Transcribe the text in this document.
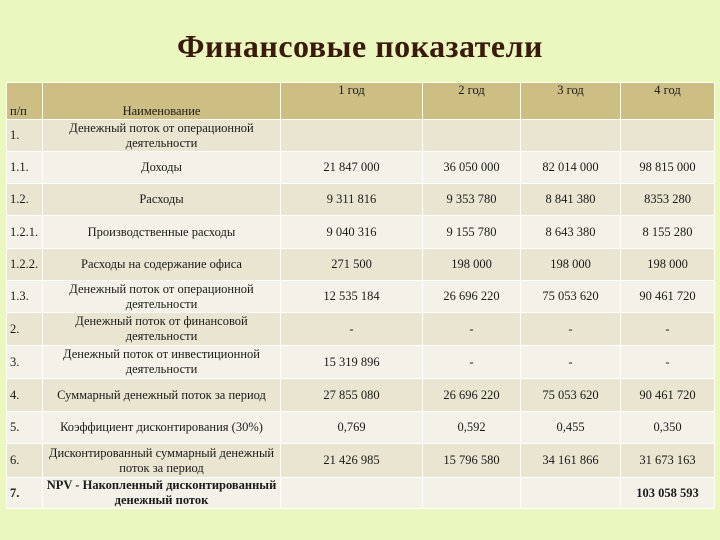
Финансовые показатели
п/п	Наименование	1 год	2 год	3 год	4 год
1.	Денежный поток от операционной деятельности				
1.1.	Доходы	21 847 000	36 050 000	82 014 000	98 815 000
1.2.	Расходы	9 311 816	9 353 780	8 841 380	8353 280
1.2.1.	Производственные расходы	9 040 316	9 155 780	8 643 380	8 155 280
1.2.2.	Расходы на содержание офиса	271 500	198 000	198 000	198 000
1.3.	Денежный поток от операционной деятельности	12 535 184	26 696 220	75 053 620	90 461 720
2.	Денежный поток от финансовой деятельности	-	-	-	-
3.	Денежный поток от инвестиционной деятельности	15 319 896	-	-	-
4.	Суммарный денежный поток за период	27 855 080	26 696 220	75 053 620	90 461 720
5.	Коэффициент дисконтирования (30%)	0,769	0,592	0,455	0,350
6.	Дисконтированный суммарный денежный поток за период	21 426 985	15 796 580	34 161 866	31 673 163
7.	NPV - Накопленный дисконтированный денежный поток				103 058 593
